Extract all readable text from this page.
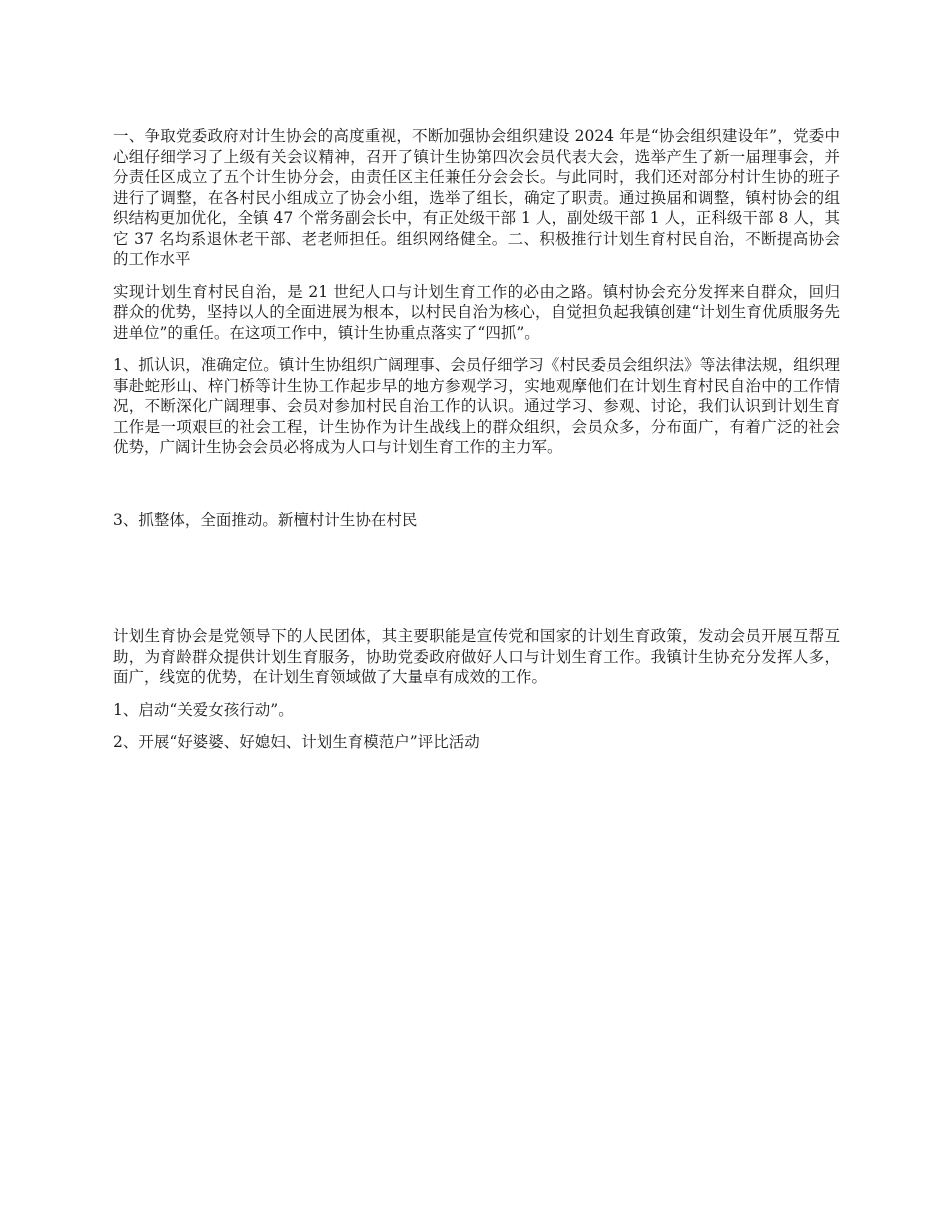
一、争取党委政府对计生协会的高度重视，不断加强协会组织建设 2024 年是“协会组织建设年”，党委中心组仔细学习了上级有关会议精神，召开了镇计生协第四次会员代表大会，选举产生了新一届理事会，并分责任区成立了五个计生协分会，由责任区主任兼任分会会长。与此同时，我们还对部分村计生协的班子进行了调整，在各村民小组成立了协会小组，选举了组长，确定了职责。通过换届和调整，镇村协会的组织结构更加优化，全镇 47 个常务副会长中，有正处级干部 1 人，副处级干部 1 人，正科级干部 8 人，其它 37 名均系退休老干部、老老师担任。组织网络健全。二、积极推行计划生育村民自治，不断提高协会的工作水平

实现计划生育村民自治，是 21 世纪人口与计划生育工作的必由之路。镇村协会充分发挥来自群众，回归群众的优势，坚持以人的全面进展为根本，以村民自治为核心，自觉担负起我镇创建“计划生育优质服务先进单位”的重任。在这项工作中，镇计生协重点落实了“四抓”。

1、抓认识，准确定位。镇计生协组织广阔理事、会员仔细学习《村民委员会组织法》等法律法规，组织理事赴蛇形山、梓门桥等计生协工作起步早的地方参观学习，实地观摩他们在计划生育村民自治中的工作情况，不断深化广阔理事、会员对参加村民自治工作的认识。通过学习、参观、讨论，我们认识到计划生育工作是一项艰巨的社会工程，计生协作为计生战线上的群众组织，会员众多，分布面广，有着广泛的社会优势，广阔计生协会会员必将成为人口与计划生育工作的主力军。

3、抓整体，全面推动。新檀村计生协在村民

计划生育协会是党领导下的人民团体，其主要职能是宣传党和国家的计划生育政策，发动会员开展互帮互助，为育龄群众提供计划生育服务，协助党委政府做好人口与计划生育工作。我镇计生协充分发挥人多，面广，线宽的优势，在计划生育领域做了大量卓有成效的工作。

1、启动“关爱女孩行动”。

2、开展“好婆婆、好媳妇、计划生育模范户”评比活动
